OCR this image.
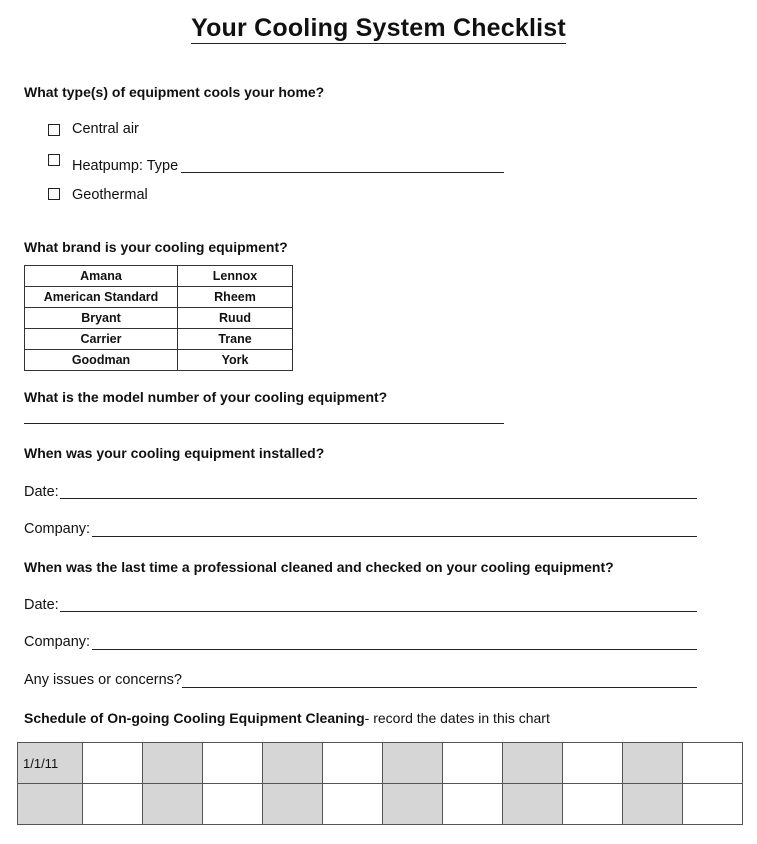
Your Cooling System Checklist
What type(s) of equipment cools your home?
Central air
Heatpump: Type
Geothermal
What brand is your cooling equipment?
Amana	Lennox
American Standard	Rheem
Bryant	Ruud
Carrier	Trane
Goodman	York
What is the model number of your cooling equipment?
When was your cooling equipment installed?
Date:
Company:
When was the last time a professional cleaned and checked on your cooling equipment?
Date:
Company:
Any issues or concerns?
Schedule of On-going Cooling Equipment Cleaning- record the dates in this chart
1/1/11											
